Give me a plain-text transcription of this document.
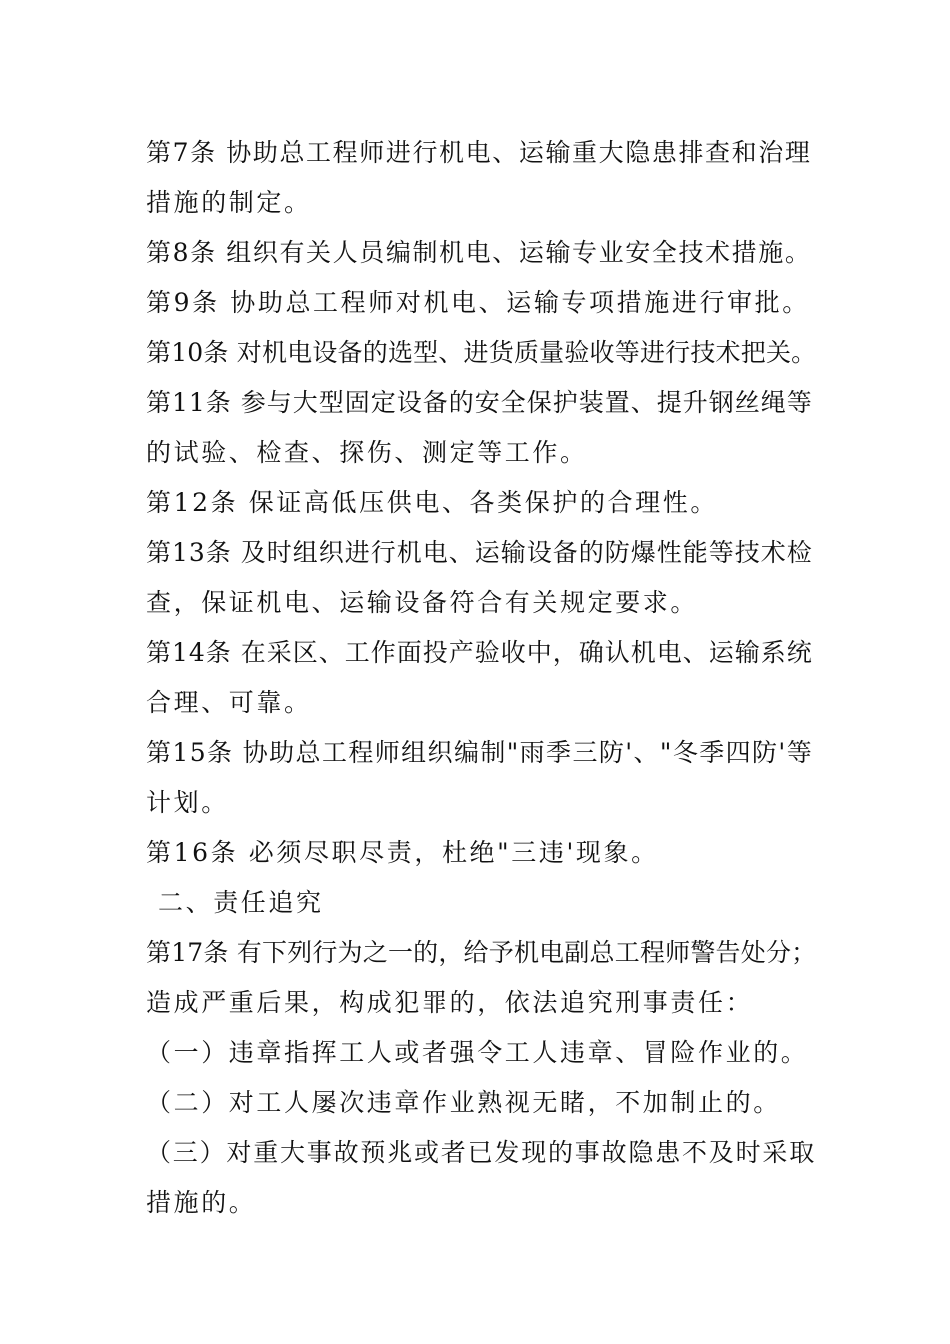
第7条 协助总工程师进行机电、运输重大隐患排查和治理
措施的制定。
第8条 组织有关人员编制机电、运输专业安全技术措施。
第9条 协助总工程师对机电、运输专项措施进行审批。
第10条 对机电设备的选型、进货质量验收等进行技术把关。
第11条 参与大型固定设备的安全保护装置、提升钢丝绳等
的试验、检查、探伤、测定等工作。
第12条 保证高低压供电、各类保护的合理性。
第13条 及时组织进行机电、运输设备的防爆性能等技术检
查，保证机电、运输设备符合有关规定要求。
第14条 在采区、工作面投产验收中，确认机电、运输系统
合理、可靠。
第15条 协助总工程师组织编制"雨季三防'、"冬季四防'等
计划。
第16条 必须尽职尽责，杜绝"三违'现象。
二、责任追究
第17条 有下列行为之一的，给予机电副总工程师警告处分；
造成严重后果，构成犯罪的，依法追究刑事责任：
（一）违章指挥工人或者强令工人违章、冒险作业的。
（二）对工人屡次违章作业熟视无睹，不加制止的。
（三）对重大事故预兆或者已发现的事故隐患不及时采取
措施的。
